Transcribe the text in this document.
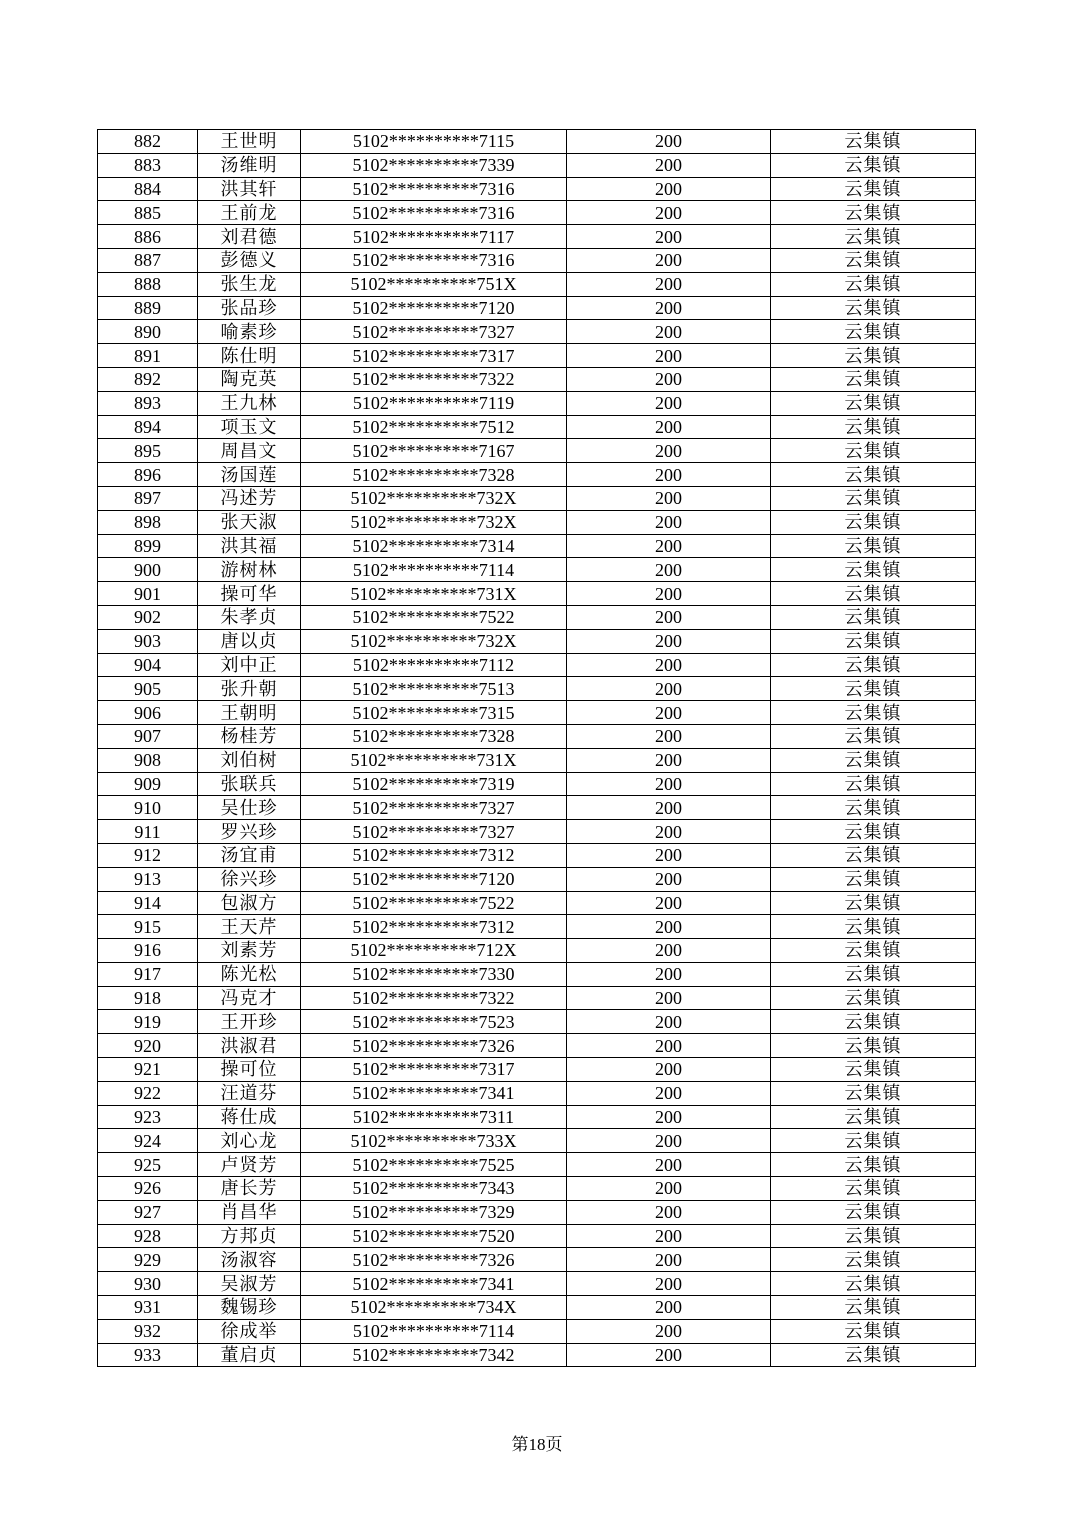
882	王世明	5102**********7115	200	云集镇
883	汤维明	5102**********7339	200	云集镇
884	洪其轩	5102**********7316	200	云集镇
885	王前龙	5102**********7316	200	云集镇
886	刘君德	5102**********7117	200	云集镇
887	彭德义	5102**********7316	200	云集镇
888	张生龙	5102**********751X	200	云集镇
889	张品珍	5102**********7120	200	云集镇
890	喻素珍	5102**********7327	200	云集镇
891	陈仕明	5102**********7317	200	云集镇
892	陶克英	5102**********7322	200	云集镇
893	王九林	5102**********7119	200	云集镇
894	项玉文	5102**********7512	200	云集镇
895	周昌文	5102**********7167	200	云集镇
896	汤国莲	5102**********7328	200	云集镇
897	冯述芳	5102**********732X	200	云集镇
898	张天淑	5102**********732X	200	云集镇
899	洪其福	5102**********7314	200	云集镇
900	游树林	5102**********7114	200	云集镇
901	操可华	5102**********731X	200	云集镇
902	朱孝贞	5102**********7522	200	云集镇
903	唐以贞	5102**********732X	200	云集镇
904	刘中正	5102**********7112	200	云集镇
905	张升朝	5102**********7513	200	云集镇
906	王朝明	5102**********7315	200	云集镇
907	杨桂芳	5102**********7328	200	云集镇
908	刘伯树	5102**********731X	200	云集镇
909	张联兵	5102**********7319	200	云集镇
910	吴仕珍	5102**********7327	200	云集镇
911	罗兴珍	5102**********7327	200	云集镇
912	汤宜甫	5102**********7312	200	云集镇
913	徐兴珍	5102**********7120	200	云集镇
914	包淑方	5102**********7522	200	云集镇
915	王天芹	5102**********7312	200	云集镇
916	刘素芳	5102**********712X	200	云集镇
917	陈光松	5102**********7330	200	云集镇
918	冯克才	5102**********7322	200	云集镇
919	王开珍	5102**********7523	200	云集镇
920	洪淑君	5102**********7326	200	云集镇
921	操可位	5102**********7317	200	云集镇
922	汪道芬	5102**********7341	200	云集镇
923	蒋仕成	5102**********7311	200	云集镇
924	刘心龙	5102**********733X	200	云集镇
925	卢贤芳	5102**********7525	200	云集镇
926	唐长芳	5102**********7343	200	云集镇
927	肖昌华	5102**********7329	200	云集镇
928	方邦贞	5102**********7520	200	云集镇
929	汤淑容	5102**********7326	200	云集镇
930	吴淑芳	5102**********7341	200	云集镇
931	魏锡珍	5102**********734X	200	云集镇
932	徐成举	5102**********7114	200	云集镇
933	董启贞	5102**********7342	200	云集镇
第18页
